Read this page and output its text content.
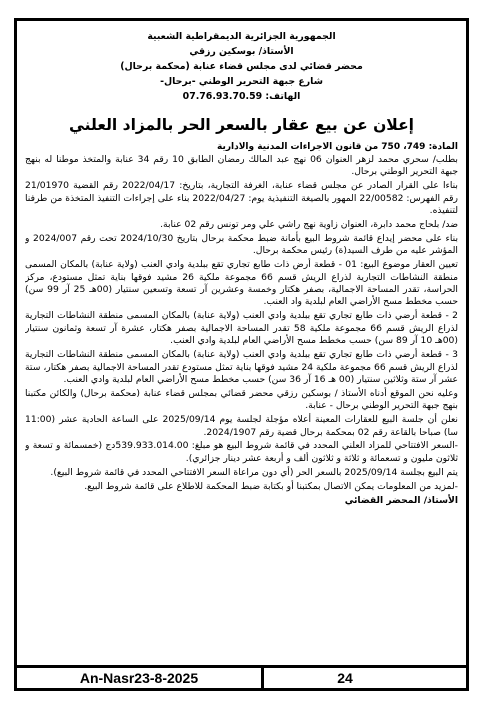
الجمهورية الجزائرية الديمقراطية الشعبية
الأستاذ/ بوسكين رزقي
محضر قضائي لدى مجلس قضاء عنابة (محكمة برحال)
شارع جبهة التحرير الوطني -برحال-
الهاتف: 07.76.93.70.59
إعلان عن بيع عقار بالسعر الحر بالمزاد العلني
المادة: 749، 750 من قانون الاجراءات المدنية والادارية

بطلب/ سحري محمد لزهر العنوان 06 نهج عبد المالك رمضان الطابق 10 رقم 34 عنابة والمتخذ موطنا له بنهج جبهة التحرير الوطني برحال.

بناءا على القرار الصادر عن مجلس قضاء عنابة، الغرفة التجارية، بتاريخ: 2022/04/17 رقم القضية 21/01970 رقم الفهرس: 22/00582 المهور بالصيغة التنفيذية يوم: 2022/04/27 بناء على إجراءات التنفيذ المتخذة من طرفنا لتنفيذه.

ضد/ بلحاج محمد دابرة، العنوان زاوية نهج راشي علي ومر تونس رقم 02 عنابة.

بناء على محضر إيداع قائمة شروط البيع بأمانة ضبط محكمة برحال بتاريخ 2024/10/30 تحت رقم 2024/007 و المؤشر عليه من طرف السيد(ة) رئيس محكمة برحال.

تعيين العقار موضوع البيع: 01 - قطعة أرض ذات طابع تجاري تقع ببلدية وادي العنب (ولاية عنابة) بالمكان المسمى منطقة النشاطات التجارية لذراع الريش قسم 66 مجموعة ملكية 26 مشيد فوقها بناية تمثل مستودع، مركز الحراسة، تقدر المساحة الاجمالية، بصفر هكتار وخمسة وعشرين آر تسعة وتسعين سنتيار (00هـ 25 آر 99 سن) حسب مخطط مسح الأراضي العام لبلدية واد العنب.

2 - قطعة أرضي ذات طابع تجاري تقع ببلدية وادي العنب (ولاية عنابة) بالمكان المسمى منطقة النشاطات التجارية لذراع الريش قسم 66 مجموعة ملكية 58 تقدر المساحة الاجمالية بصفر هكتار، عشرة آر تسعة وثمانون سنتيار (00هـ 10 آر 89 سن) حسب مخطط مسح الأراضي العام لبلدية وادي العنب.

3 - قطعة أرضي ذات طابع تجاري تقع ببلدية وادي العنب (ولاية عنابة) بالمكان المسمى منطقة النشاطات التجارية لذراع الريش قسم 66 مجموعة ملكية 24 مشيد فوقها بناية تمثل مستودع تقدر المساحة الاجمالية بصفر هكتار، ستة عشر آر ستة وثلاثين سنتيار (00 هـ 16 آر 36 سن) حسب مخطط مسح الأراضي العام لبلدية وادي العنب.

وعليه نحن الموقع أدناه الأستاذ / بوسكين رزقي محضر قضائي بمجلس قضاء عنابة (محكمة برحال) والكائن مكتبنا بنهج جبهة التحرير الوطني برحال - عنابة.

نعلن أن جلسة البيع للعقارات المعينة أعلاه مؤجلة لجلسة يوم 2025/09/14 على الساعة الحادية عشر (11:00 سا) صباحا بالقاعة رقم 02 بمحكمة برحال قضية رقم 2024/1907.

-السعر الافتتاحي للمزاد العلني المحدد في قائمة شروط البيع هو مبلغ: 539.933.014.00دج (خمسمائة و تسعة و ثلاثون مليون و تسعمائة و ثلاثة و ثلاثون ألف و أربعة عشر دينار جزائري).

يتم البيع بجلسة 2025/09/14 بالسعر الحر (أي دون مراعاة السعر الافتتاحي المحدد في قائمة شروط البيع).

-لمزيد من المعلومات يمكن الاتصال بمكتبنا أو بكتابة ضبط المحكمة للاطلاع على قائمة شروط البيع.

الأستاذ/ المحضر القضائي
An-Nasr23-8-2025	24
